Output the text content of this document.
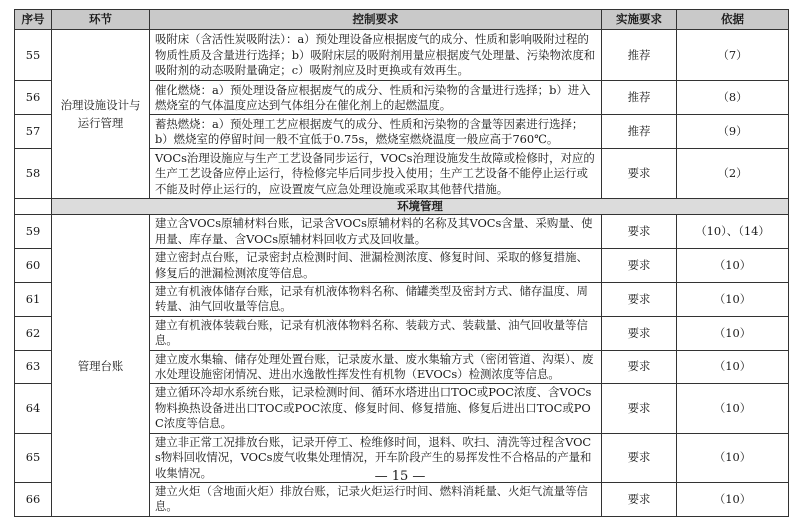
序号	环节	控制要求	实施要求	依据
55	治理设施设计与运行管理	吸附床（含活性炭吸附法）：a）预处理设备应根据废气的成分、性质和影响吸附过程的物质性质及含量进行选择；b）吸附床层的吸附剂用量应根据废气处理量、污染物浓度和吸附剂的动态吸附量确定；c）吸附剂应及时更换或有效再生。	推荐	（7）
56		催化燃烧：a）预处理设备应根据废气的成分、性质和污染物的含量进行选择；b）进入燃烧室的气体温度应达到气体组分在催化剂上的起燃温度。	推荐	（8）
57		蓄热燃烧：a）预处理工艺应根据废气的成分、性质和污染物的含量等因素进行选择；b）燃烧室的停留时间一般不宜低于0.75s，燃烧室燃烧温度一般应高于760℃。	推荐	（9）
58		VOCs治理设施应与生产工艺设备同步运行，VOCs治理设施发生故障或检修时，对应的生产工艺设备应停止运行，待检修完毕后同步投入使用；生产工艺设备不能停止运行或不能及时停止运行的，应设置废气应急处理设施或采取其他替代措施。	要求	（2）
	环境管理			
59	管理台账	建立含VOCs原辅材料台账，记录含VOCs原辅材料的名称及其VOCs含量、采购量、使用量、库存量、含VOCs原辅材料回收方式及回收量。	要求	（10）、（14）
60		建立密封点台账，记录密封点检测时间、泄漏检测浓度、修复时间、采取的修复措施、修复后的泄漏检测浓度等信息。	要求	（10）
61		建立有机液体储存台账，记录有机液体物料名称、储罐类型及密封方式、储存温度、周转量、油气回收量等信息。	要求	（10）
62		建立有机液体装载台账，记录有机液体物料名称、装载方式、装载量、油气回收量等信息。	要求	（10）
63		建立废水集输、储存处理处置台账，记录废水量、废水集输方式（密闭管道、沟渠）、废水处理设施密闭情况、进出水逸散性挥发性有机物（EVOCs）检测浓度等信息。	要求	（10）
64		建立循环冷却水系统台账，记录检测时间、循环水塔进出口TOC或POC浓度、含VOCs物料换热设备进出口TOC或POC浓度、修复时间、修复措施、修复后进出口TOC或POC浓度等信息。	要求	（10）
65		建立非正常工况排放台账，记录开停工、检维修时间，退料、吹扫、清洗等过程含VOCs物料回收情况，VOCs废气收集处理情况，开车阶段产生的易挥发性不合格品的产量和收集情况。	要求	（10）
66		建立火炬（含地面火炬）排放台账，记录火炬运行时间、燃料消耗量、火炬气流量等信息。	要求	（10）
— 15 —
